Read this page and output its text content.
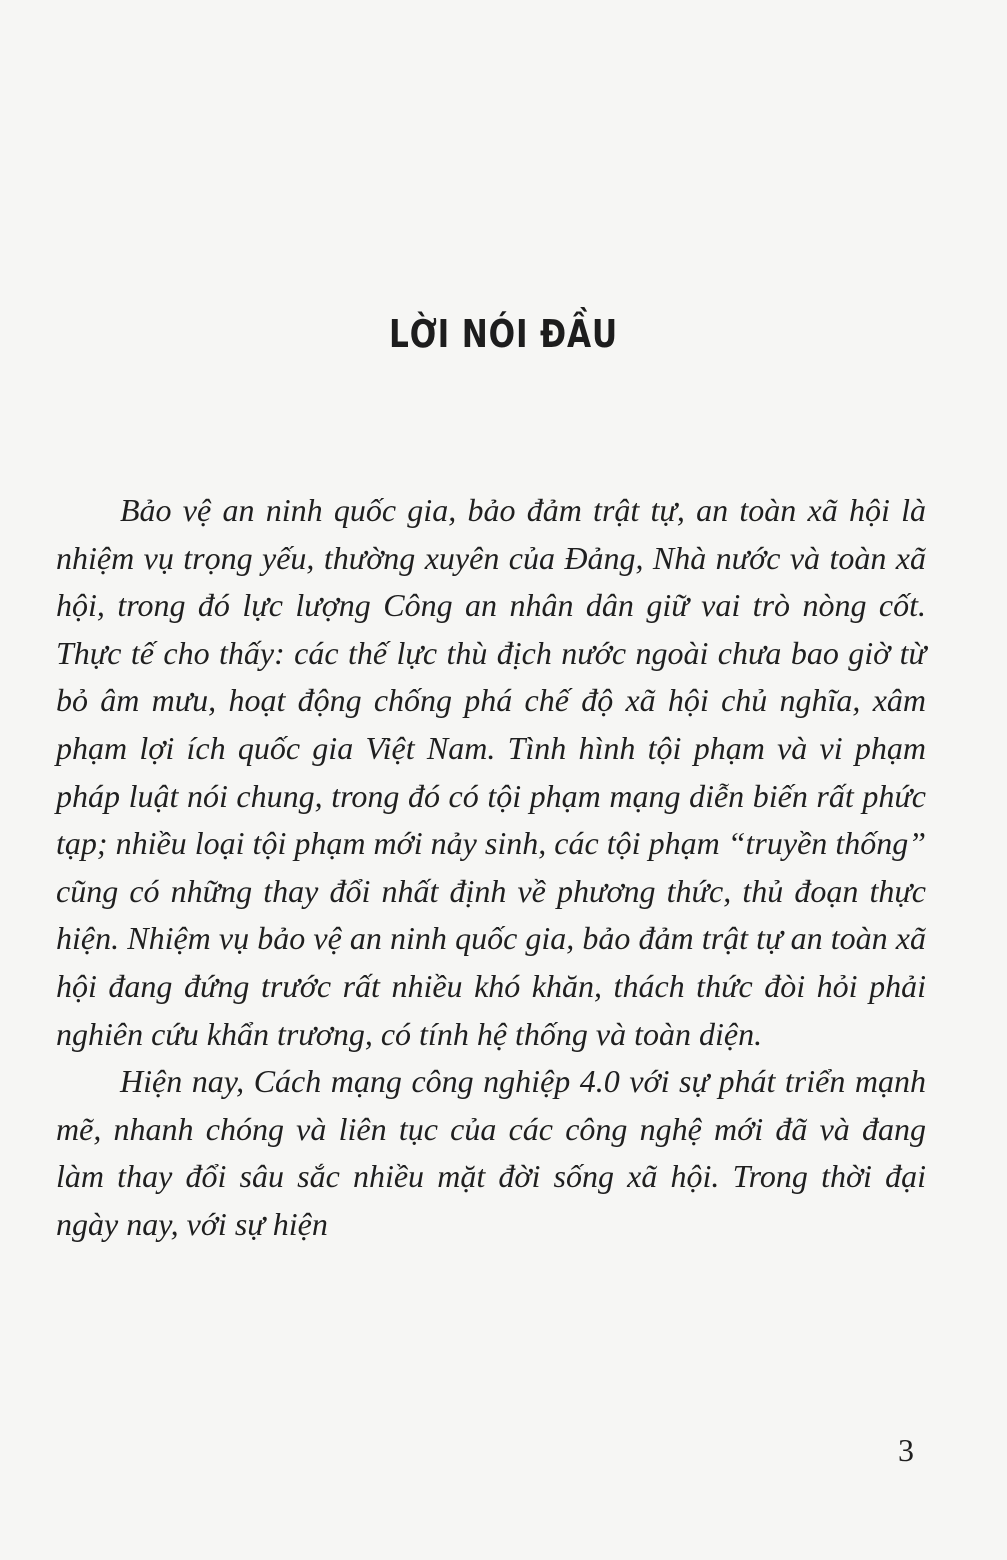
LỜI NÓI ĐẦU

Bảo vệ an ninh quốc gia, bảo đảm trật tự, an toàn xã hội là nhiệm vụ trọng yếu, thường xuyên của Đảng, Nhà nước và toàn xã hội, trong đó lực lượng Công an nhân dân giữ vai trò nòng cốt. Thực tế cho thấy: các thế lực thù địch nước ngoài chưa bao giờ từ bỏ âm mưu, hoạt động chống phá chế độ xã hội chủ nghĩa, xâm phạm lợi ích quốc gia Việt Nam. Tình hình tội phạm và vi phạm pháp luật nói chung, trong đó có tội phạm mạng diễn biến rất phức tạp; nhiều loại tội phạm mới nảy sinh, các tội phạm “truyền thống” cũng có những thay đổi nhất định về phương thức, thủ đoạn thực hiện. Nhiệm vụ bảo vệ an ninh quốc gia, bảo đảm trật tự an toàn xã hội đang đứng trước rất nhiều khó khăn, thách thức đòi hỏi phải nghiên cứu khẩn trương, có tính hệ thống và toàn diện.

Hiện nay, Cách mạng công nghiệp 4.0 với sự phát triển mạnh mẽ, nhanh chóng và liên tục của các công nghệ mới đã và đang làm thay đổi sâu sắc nhiều mặt đời sống xã hội. Trong thời đại ngày nay, với sự hiện

3
